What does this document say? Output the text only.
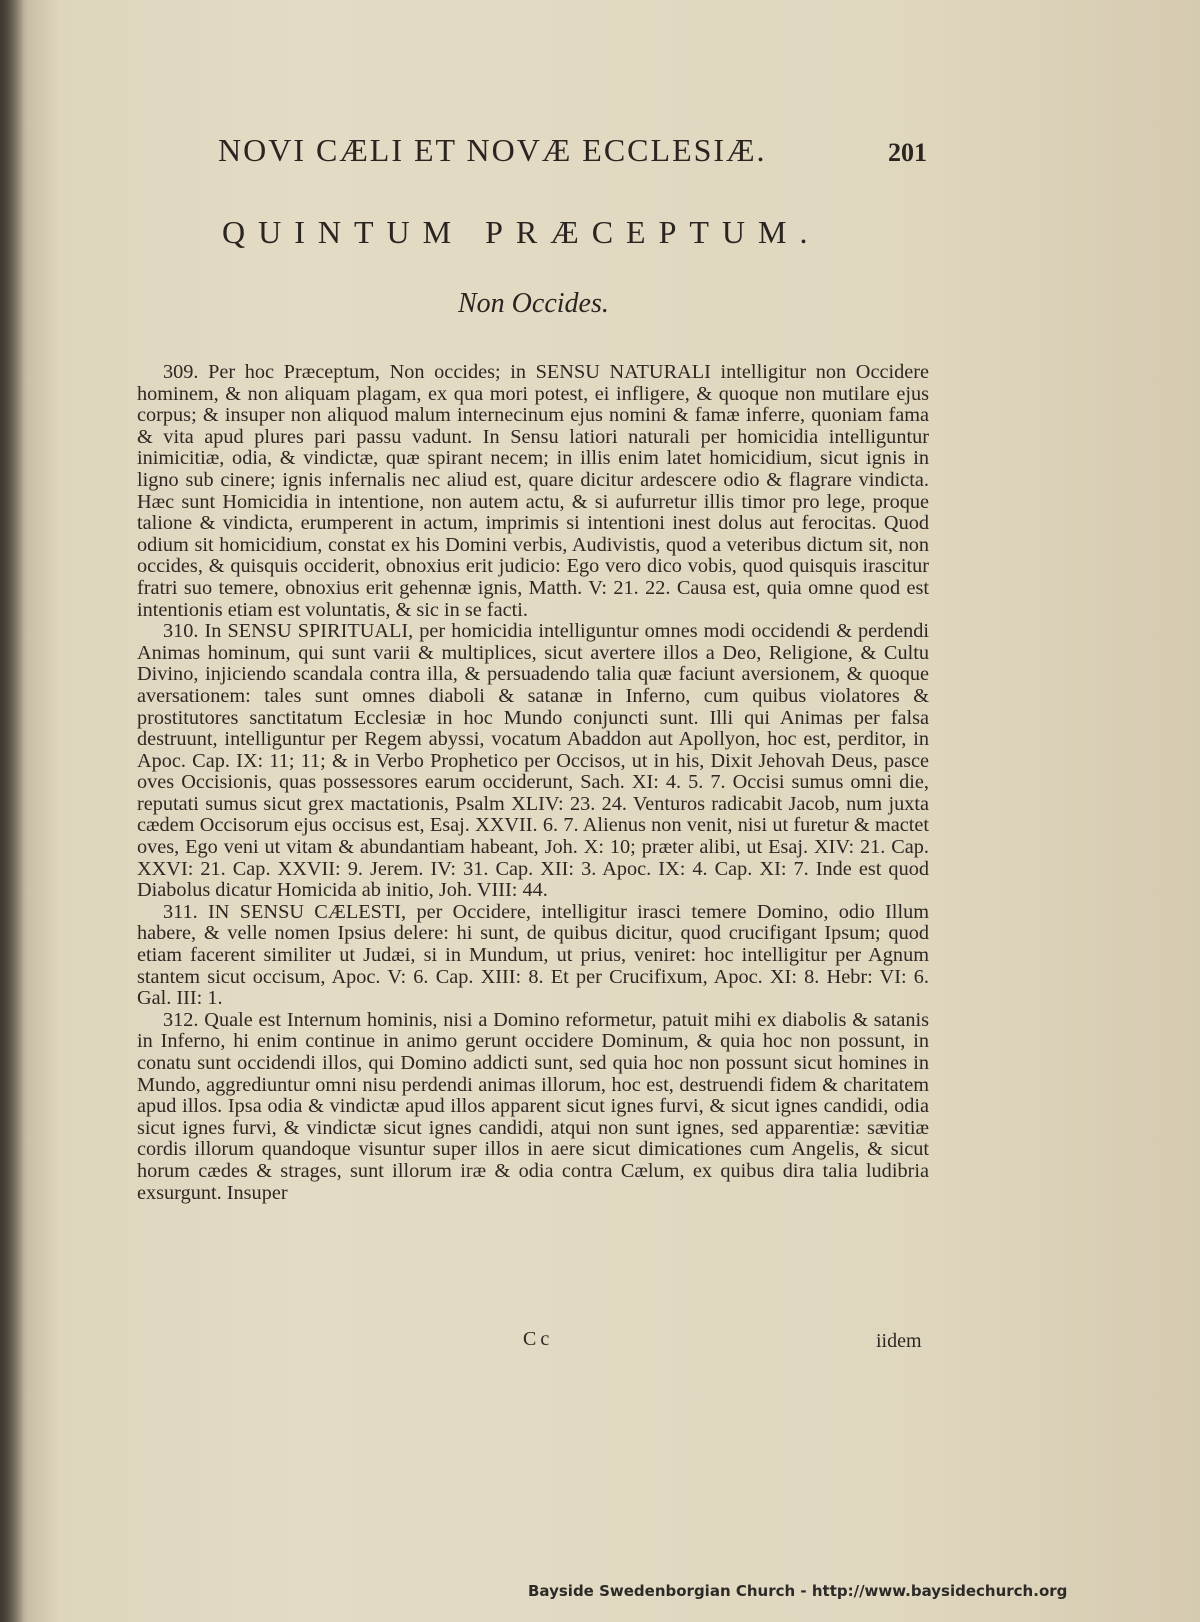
NOVI CÆLI ET NOVÆ ECCLESIÆ.	201
QUINTUM PRÆCEPTUM.
Non Occides.

309. Per hoc Præceptum, Non occides; in SENSU NATURALI intelligitur non Occidere hominem, & non aliquam plagam, ex qua mori potest, ei infligere, & quoque non mutilare ejus corpus; & insuper non aliquod malum internecinum ejus nomini & famæ inferre, quoniam fama & vita apud plures pari passu vadunt. In Sensu latiori naturali per homicidia intelliguntur inimicitiæ, odia, & vindictæ, quæ spirant necem; in illis enim latet homicidium, sicut ignis in ligno sub cinere; ignis infernalis nec aliud est, quare dicitur ardescere odio & flagrare vindicta. Hæc sunt Homicidia in intentione, non autem actu, & si aufurretur illis timor pro lege, proque talione & vindicta, erumperent in actum, imprimis si intentioni inest dolus aut ferocitas. Quod odium sit homicidium, constat ex his Domini verbis, Audivistis, quod a veteribus dictum sit, non occides, & quisquis occiderit, obnoxius erit judicio: Ego vero dico vobis, quod quisquis irascitur fratri suo temere, obnoxius erit gehennæ ignis, Matth. V: 21. 22. Causa est, quia omne quod est intentionis etiam est voluntatis, & sic in se facti.

310. In SENSU SPIRITUALI, per homicidia intelliguntur omnes modi occidendi & perdendi Animas hominum, qui sunt varii & multiplices, sicut avertere illos a Deo, Religione, & Cultu Divino, injiciendo scandala contra illa, & persuadendo talia quæ faciunt aversionem, & quoque aversationem: tales sunt omnes diaboli & satanæ in Inferno, cum quibus violatores & prostitutores sanctitatum Ecclesiæ in hoc Mundo conjuncti sunt. Illi qui Animas per falsa destruunt, intelliguntur per Regem abyssi, vocatum Abaddon aut Apollyon, hoc est, perditor, in Apoc. Cap. IX: 11; 11; & in Verbo Prophetico per Occisos, ut in his, Dixit Jehovah Deus, pasce oves Occisionis, quas possessores earum occiderunt, Sach. XI: 4. 5. 7. Occisi sumus omni die, reputati sumus sicut grex mactationis, Psalm XLIV: 23. 24. Venturos radicabit Jacob, num juxta cædem Occisorum ejus occisus est, Esaj. XXVII. 6. 7. Alienus non venit, nisi ut furetur & mactet oves, Ego veni ut vitam & abundantiam habeant, Joh. X: 10; præter alibi, ut Esaj. XIV: 21. Cap. XXVI: 21. Cap. XXVII: 9. Jerem. IV: 31. Cap. XII: 3. Apoc. IX: 4. Cap. XI: 7. Inde est quod Diabolus dicatur Homicida ab initio, Joh. VIII: 44.

311. IN SENSU CÆLESTI, per Occidere, intelligitur irasci temere Domino, odio Illum habere, & velle nomen Ipsius delere: hi sunt, de quibus dicitur, quod crucifigant Ipsum; quod etiam facerent similiter ut Judæi, si in Mundum, ut prius, veniret: hoc intelligitur per Agnum stantem sicut occisum, Apoc. V: 6. Cap. XIII: 8. Et per Crucifixum, Apoc. XI: 8. Hebr: VI: 6. Gal. III: 1.

312. Quale est Internum hominis, nisi a Domino reformetur, patuit mihi ex diabolis & satanis in Inferno, hi enim continue in animo gerunt occidere Dominum, & quia hoc non possunt, in conatu sunt occidendi illos, qui Domino addicti sunt, sed quia hoc non possunt sicut homines in Mundo, aggrediuntur omni nisu perdendi animas illorum, hoc est, destruendi fidem & charitatem apud illos. Ipsa odia & vindictæ apud illos apparent sicut ignes furvi, & sicut ignes candidi, odia sicut ignes furvi, & vindictæ sicut ignes candidi, atqui non sunt ignes, sed apparentiæ: sævitiæ cordis illorum quandoque visuntur super illos in aere sicut dimicationes cum Angelis, & sicut horum cædes & strages, sunt illorum iræ & odia contra Cælum, ex quibus dira talia ludibria exsurgunt. Insuper

Cc	iidem
Bayside Swedenborgian Church - http://www.baysidechurch.org
